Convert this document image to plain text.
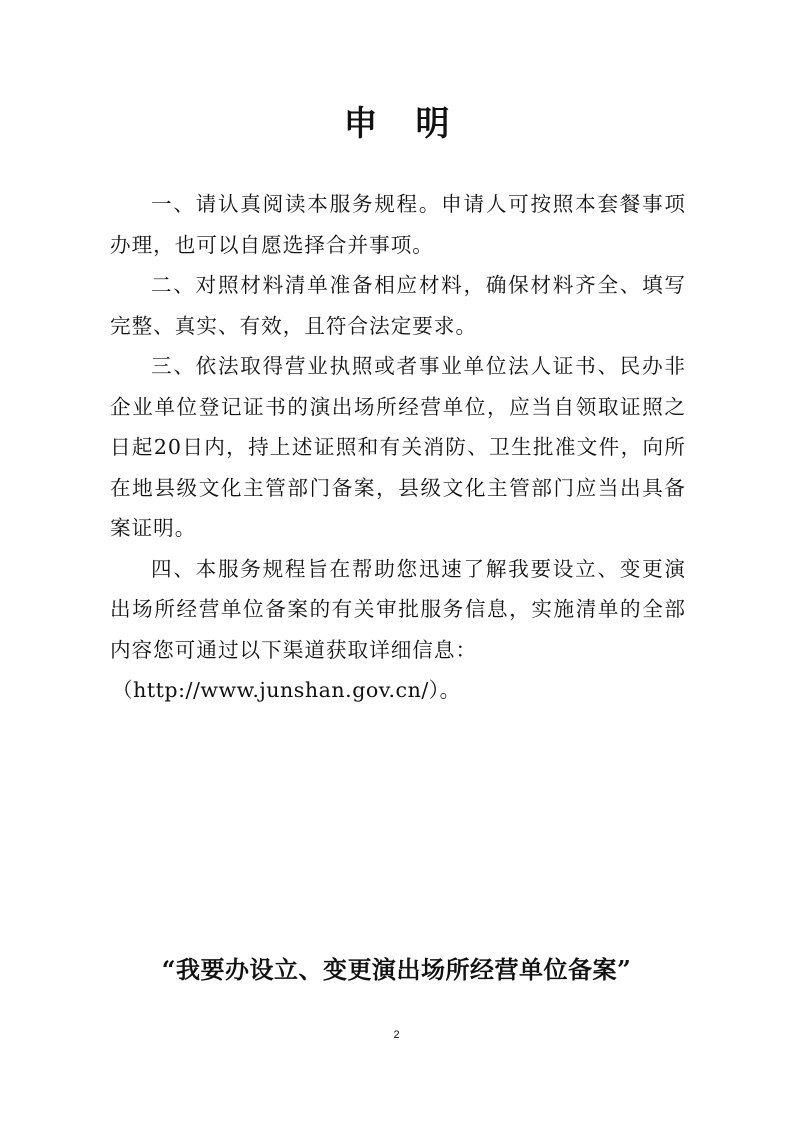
申 明

一、请认真阅读本服务规程。申请人可按照本套餐事项办理，也可以自愿选择合并事项。

二、对照材料清单准备相应材料，确保材料齐全、填写完整、真实、有效，且符合法定要求。

三、依法取得营业执照或者事业单位法人证书、民办非企业单位登记证书的演出场所经营单位，应当自领取证照之日起20日内，持上述证照和有关消防、卫生批准文件，向所在地县级文化主管部门备案，县级文化主管部门应当出具备案证明。

四、本服务规程旨在帮助您迅速了解我要设立、变更演出场所经营单位备案的有关审批服务信息，实施清单的全部内容您可通过以下渠道获取详细信息：

（http://www.junshan.gov.cn/）。

“我要办设立、变更演出场所经营单位备案”
2
